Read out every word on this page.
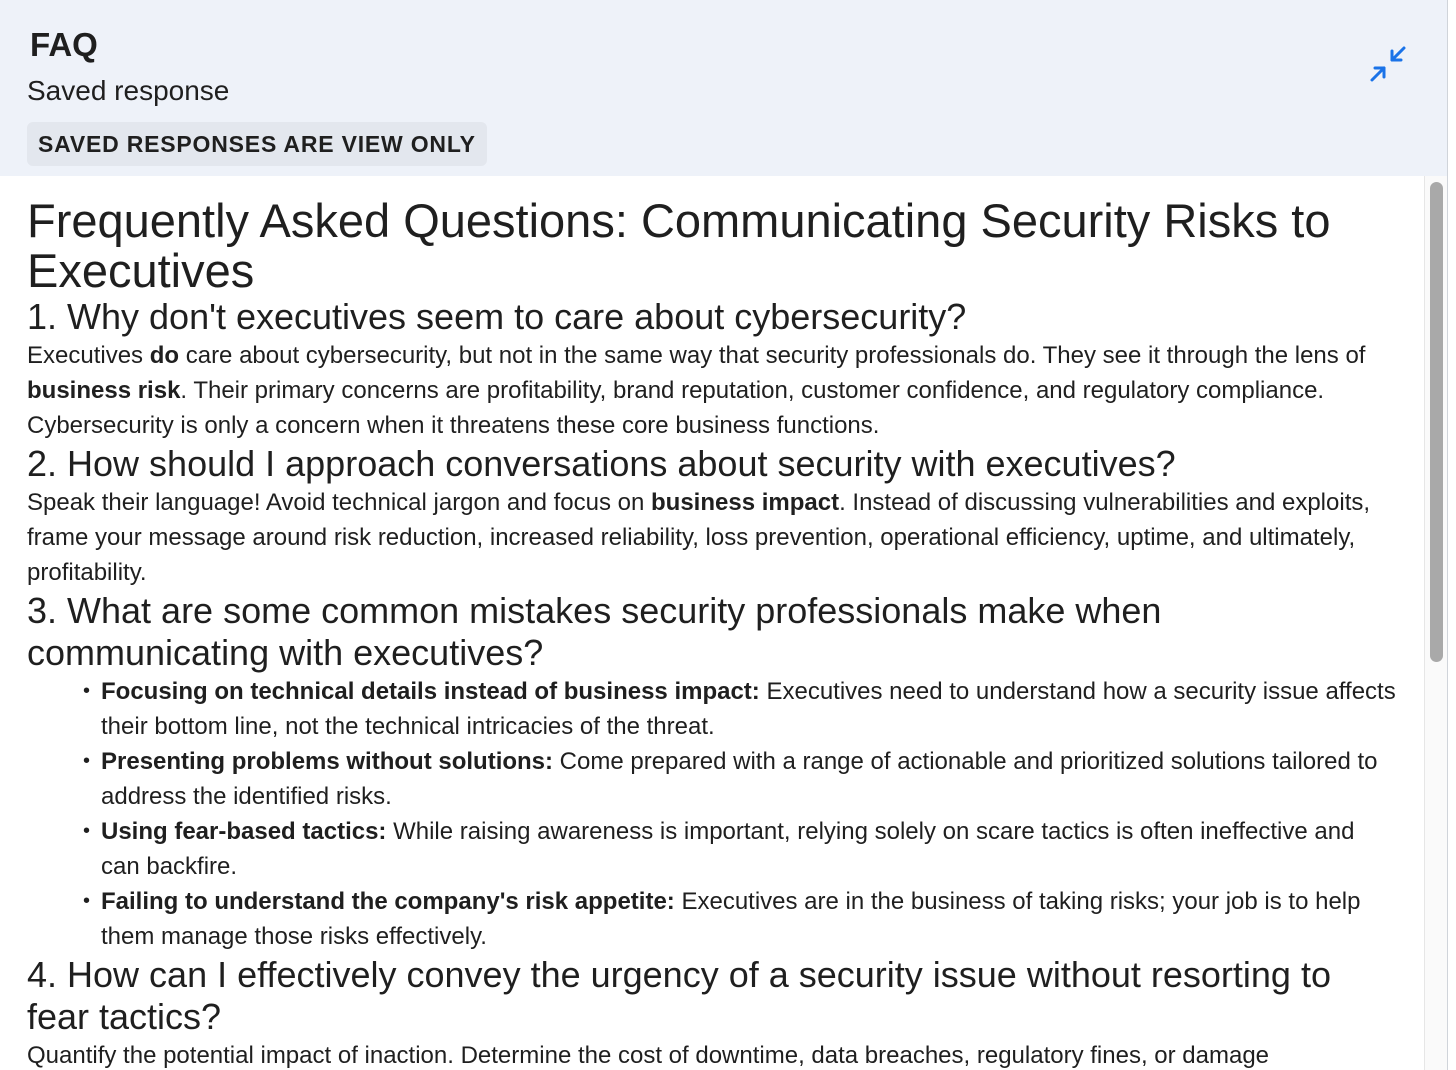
FAQ
Saved response
SAVED RESPONSES ARE VIEW ONLY
Frequently Asked Questions: Communicating Security Risks to Executives
1. Why don't executives seem to care about cybersecurity?

Executives do care about cybersecurity, but not in the same way that security professionals do. They see it through the lens of business risk. Their primary concerns are profitability, brand reputation, customer confidence, and regulatory compliance. Cybersecurity is only a concern when it threatens these core business functions.

2. How should I approach conversations about security with executives?

Speak their language! Avoid technical jargon and focus on business impact. Instead of discussing vulnerabilities and exploits, frame your message around risk reduction, increased reliability, loss prevention, operational efficiency, uptime, and ultimately, profitability.

3. What are some common mistakes security professionals make when communicating with executives?
• Focusing on technical details instead of business impact: Executives need to understand how a security issue affects their bottom line, not the technical intricacies of the threat.
• Presenting problems without solutions: Come prepared with a range of actionable and prioritized solutions tailored to address the identified risks.
• Using fear-based tactics: While raising awareness is important, relying solely on scare tactics is often ineffective and can backfire.
• Failing to understand the company's risk appetite: Executives are in the business of taking risks; your job is to help them manage those risks effectively.
4. How can I effectively convey the urgency of a security issue without resorting to fear tactics?

Quantify the potential impact of inaction. Determine the cost of downtime, data breaches, regulatory fines, or damage
